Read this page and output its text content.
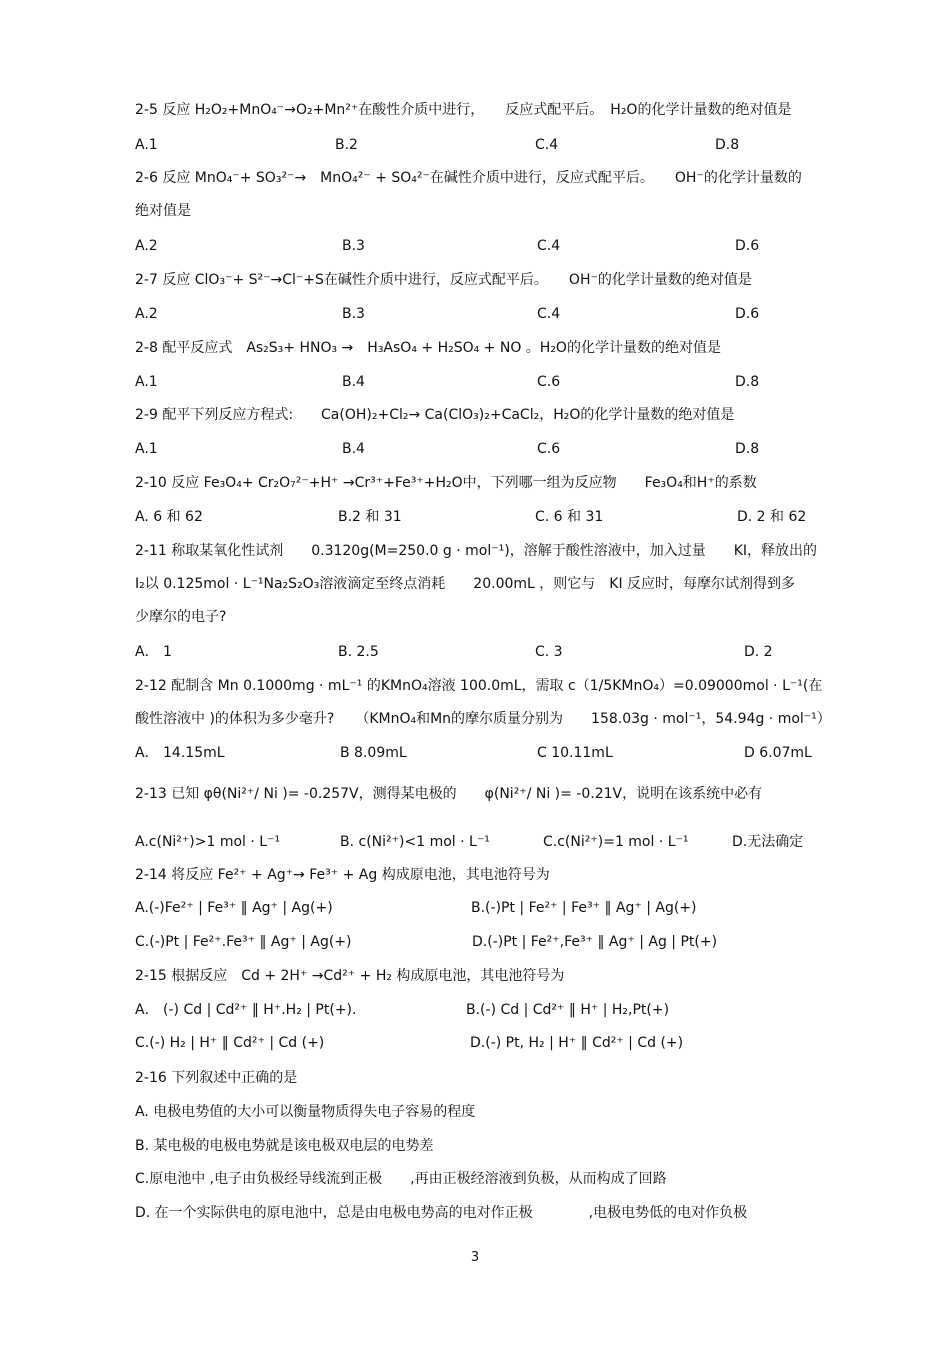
2-5 反应 H₂O₂+MnO₄⁻→O₂+Mn²⁺在酸性介质中进行，　　反应式配平后。　H₂O的化学计量数的绝对值是
A.1	B.2	C.4	D.8
2-6 反应 MnO₄⁻+ SO₃²⁻→　MnO₄²⁻ + SO₄²⁻在碱性介质中进行，反应式配平后。　　OH⁻的化学计量数的
绝对值是
A.2	B.3	C.4	D.6
2-7 反应 ClO₃⁻+ S²⁻→Cl⁻+S在碱性介质中进行，反应式配平后。　　OH⁻的化学计量数的绝对值是
A.2	B.3	C.4	D.6
2-8 配平反应式　As₂S₃+ HNO₃ →　H₃AsO₄ + H₂SO₄ + NO 。H₂O的化学计量数的绝对值是
A.1	B.4	C.6	D.8
2-9 配平下列反应方程式:　　Ca(OH)₂+Cl₂→ Ca(ClO₃)₂+CaCl₂，H₂O的化学计量数的绝对值是
A.1	B.4	C.6	D.8
2-10 反应 Fe₃O₄+ Cr₂O₇²⁻+H⁺ →Cr³⁺+Fe³⁺+H₂O中，下列哪一组为反应物　　Fe₃O₄和H⁺的系数
A. 6 和 62	B.2 和 31	C. 6 和 31	D. 2 和 62
2-11 称取某氧化性试剂　　0.3120g(M=250.0 g · mol⁻¹)，溶解于酸性溶液中，加入过量　　KI，释放出的
I₂以 0.125mol · L⁻¹Na₂S₂O₃溶液滴定至终点消耗　　20.00mL ，则它与　KI 反应时，每摩尔试剂得到多
少摩尔的电子?
A． 1	B. 2.5	C. 3	D. 2
2-12 配制含 Mn 0.1000mg · mL⁻¹ 的KMnO₄溶液 100.0mL，需取 c（1/5KMnO₄）=0.09000mol · L⁻¹(在
酸性溶液中 )的体积为多少毫升?　　（KMnO₄和Mn的摩尔质量分别为　　158.03g · mol⁻¹，54.94g · mol⁻¹）
A． 14.15mL	B 8.09mL	C 10.11mL	D 6.07mL
2-13 已知 φθ(Ni²⁺/ Ni )= -0.257V，测得某电极的　　φ(Ni²⁺/ Ni )= -0.21V，说明在该系统中必有
A.c(Ni²⁺)>1 mol · L⁻¹	B. c(Ni²⁺)<1 mol · L⁻¹	C.c(Ni²⁺)=1 mol · L⁻¹	D.无法确定
2-14 将反应 Fe²⁺ + Ag⁺→ Fe³⁺ + Ag 构成原电池，其电池符号为
A.(-)Fe²⁺ | Fe³⁺ ‖ Ag⁺ | Ag(+)	B.(-)Pt | Fe²⁺ | Fe³⁺ ‖ Ag⁺ | Ag(+)
C.(-)Pt | Fe²⁺.Fe³⁺ ‖ Ag⁺ | Ag(+)	D.(-)Pt | Fe²⁺,Fe³⁺ ‖ Ag⁺ | Ag | Pt(+)
2-15 根据反应　Cd + 2H⁺ →Cd²⁺ + H₂ 构成原电池，其电池符号为
A． (-) Cd | Cd²⁺ ‖ H⁺.H₂ | Pt(+).	B.(-) Cd | Cd²⁺ ‖ H⁺ | H₂,Pt(+)
C.(-) H₂ | H⁺ ‖ Cd²⁺ | Cd (+)	D.(-) Pt, H₂ | H⁺ ‖ Cd²⁺ | Cd (+)
2-16 下列叙述中正确的是
A. 电极电势值的大小可以衡量物质得失电子容易的程度
B. 某电极的电极电势就是该电极双电层的电势差
C.原电池中 ,电子由负极经导线流到正极　　,再由正极经溶液到负极，从而构成了回路
D. 在一个实际供电的原电池中，总是由电极电势高的电对作正极　　　　,电极电势低的电对作负极
3
